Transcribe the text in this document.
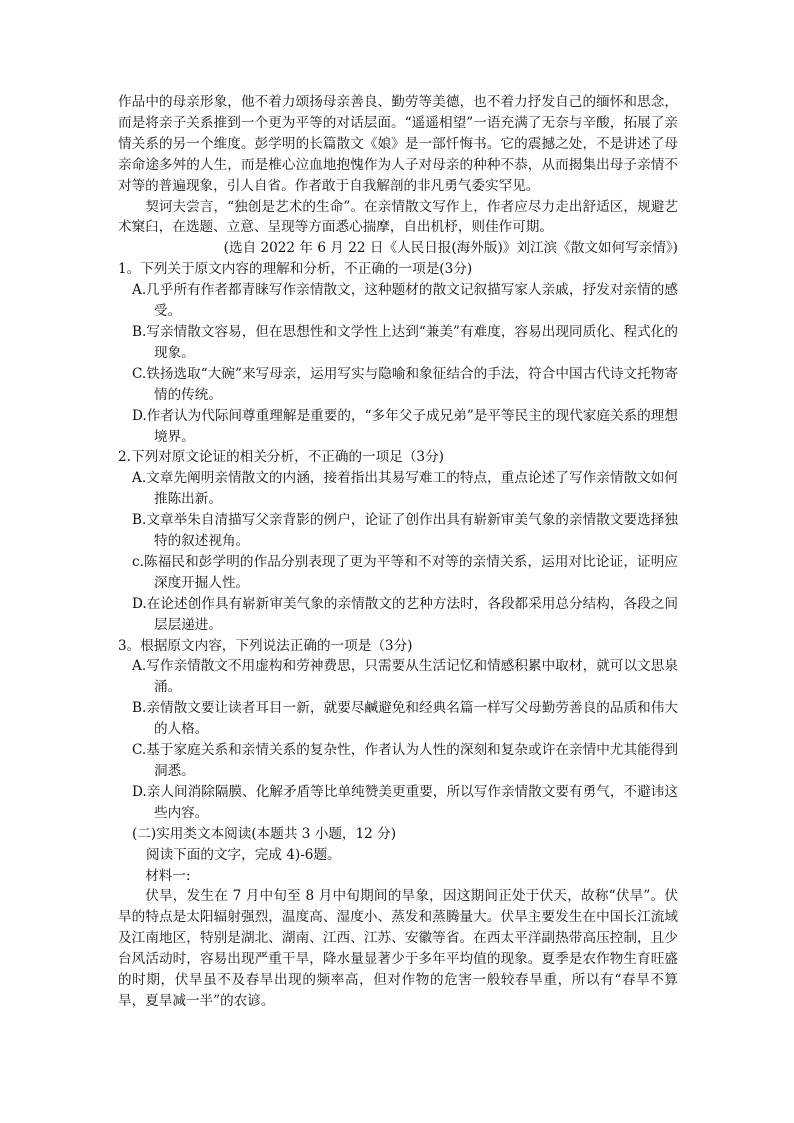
作品中的母亲形象，他不着力颂扬母亲善良、勤劳等美德，也不着力抒发自己的缅怀和思念，而是将亲子关系推到一个更为平等的对话层面。“遥遥相望”一语充满了无奈与辛酸，拓展了亲情关系的另一个维度。彭学明的长篇散文《娘》是一部忏悔书。它的震撼之处，不是讲述了母亲命途多舛的人生，而是椎心泣血地抱愧作为人子对母亲的种种不恭，从而揭集出母子亲情不对等的普遍现象，引人自省。作者敢于自我解剖的非凡勇气委实罕见。

契诃夫尝言，“独创是艺术的生命”。在亲情散文写作上，作者应尽力走出舒适区，规避艺术窠臼，在选题、立意、呈现等方面悉心揣摩，自出机杼，则佳作可期。

(选自 2022 年 6 月 22 日《人民日报(海外版)》刘江滨《散文如何写亲情》)

1。下列关于原文内容的理解和分析，不正确的一项是(3分)

A.几乎所有作者都青睐写作亲情散文，这种题材的散文记叙描写家人亲戚，抒发对亲情的感受。

B.写亲情散文容易，但在思想性和文学性上达到“兼美”有难度，容易出现同质化、程式化的现象。

C.铁扬选取“大碗”来写母亲，运用写实与隐喻和象征结合的手法，符合中国古代诗文托物寄情的传统。

D.作者认为代际间尊重理解是重要的，“多年父子成兄弟”是平等民主的现代家庭关系的理想境界。

2.下列对原文论证的相关分析，不正确的一项足（3分)

A.文章先阐明亲情散文的内涵，接着指出其易写难工的特点，重点论述了写作亲情散文如何推陈出新。

B.文章举朱自清描写父亲背影的例户，论证了创作出具有崭新审美气象的亲情散文要选择独特的叙述视角。

c.陈福民和彭学明的作品分别表现了更为平等和不对等的亲情关系，运用对比论证，证明应深度开掘人性。

D.在论述创作具有崭新审美气象的亲情散文的艺种方法时，各段都采用总分结构，各段之间层层递进。

3。根据原文内容，下列说法正确的一项是（3分)

A.写作亲情散文不用虚构和劳神费思，只需要从生活记忆和情感积累中取材，就可以文思泉涌。

B.亲情散文要让读者耳目一新，就要尽鹹避免和经典名篇一样写父母勤劳善良的品质和伟大的人格。

C.基于家庭关系和亲情关系的复杂性，作者认为人性的深刻和复杂或许在亲情中尤其能得到洞悉。

D.亲人间消除隔膜、化解矛盾等比单纯赞美更重要，所以写作亲情散文要有勇气，不避讳这些内容。

(二)实用类文本阅读(本题共 3 小题，12 分)

阅读下面的文字，完成 4)-6题。

材料一:

伏旱，发生在 7 月中旬至 8 月中旬期间的旱象，因这期间正处于伏天，故称“伏旱”。伏旱的特点是太阳辐射强烈，温度高、湿度小、蒸发和蒸腾量大。伏旱主要发生在中国长江流域及江南地区，特别是湖北、湖南、江西、江苏、安徽等省。在西太平洋副热带高压控制，且少台风活动时，容易出现严重干旱，降水量显著少于多年平均值的现象。夏季是农作物生育旺盛的时期，伏旱虽不及春旱出现的频率高，但对作物的危害一般较春旱重，所以有“春旱不算旱，夏旱减一半”的农谚。
